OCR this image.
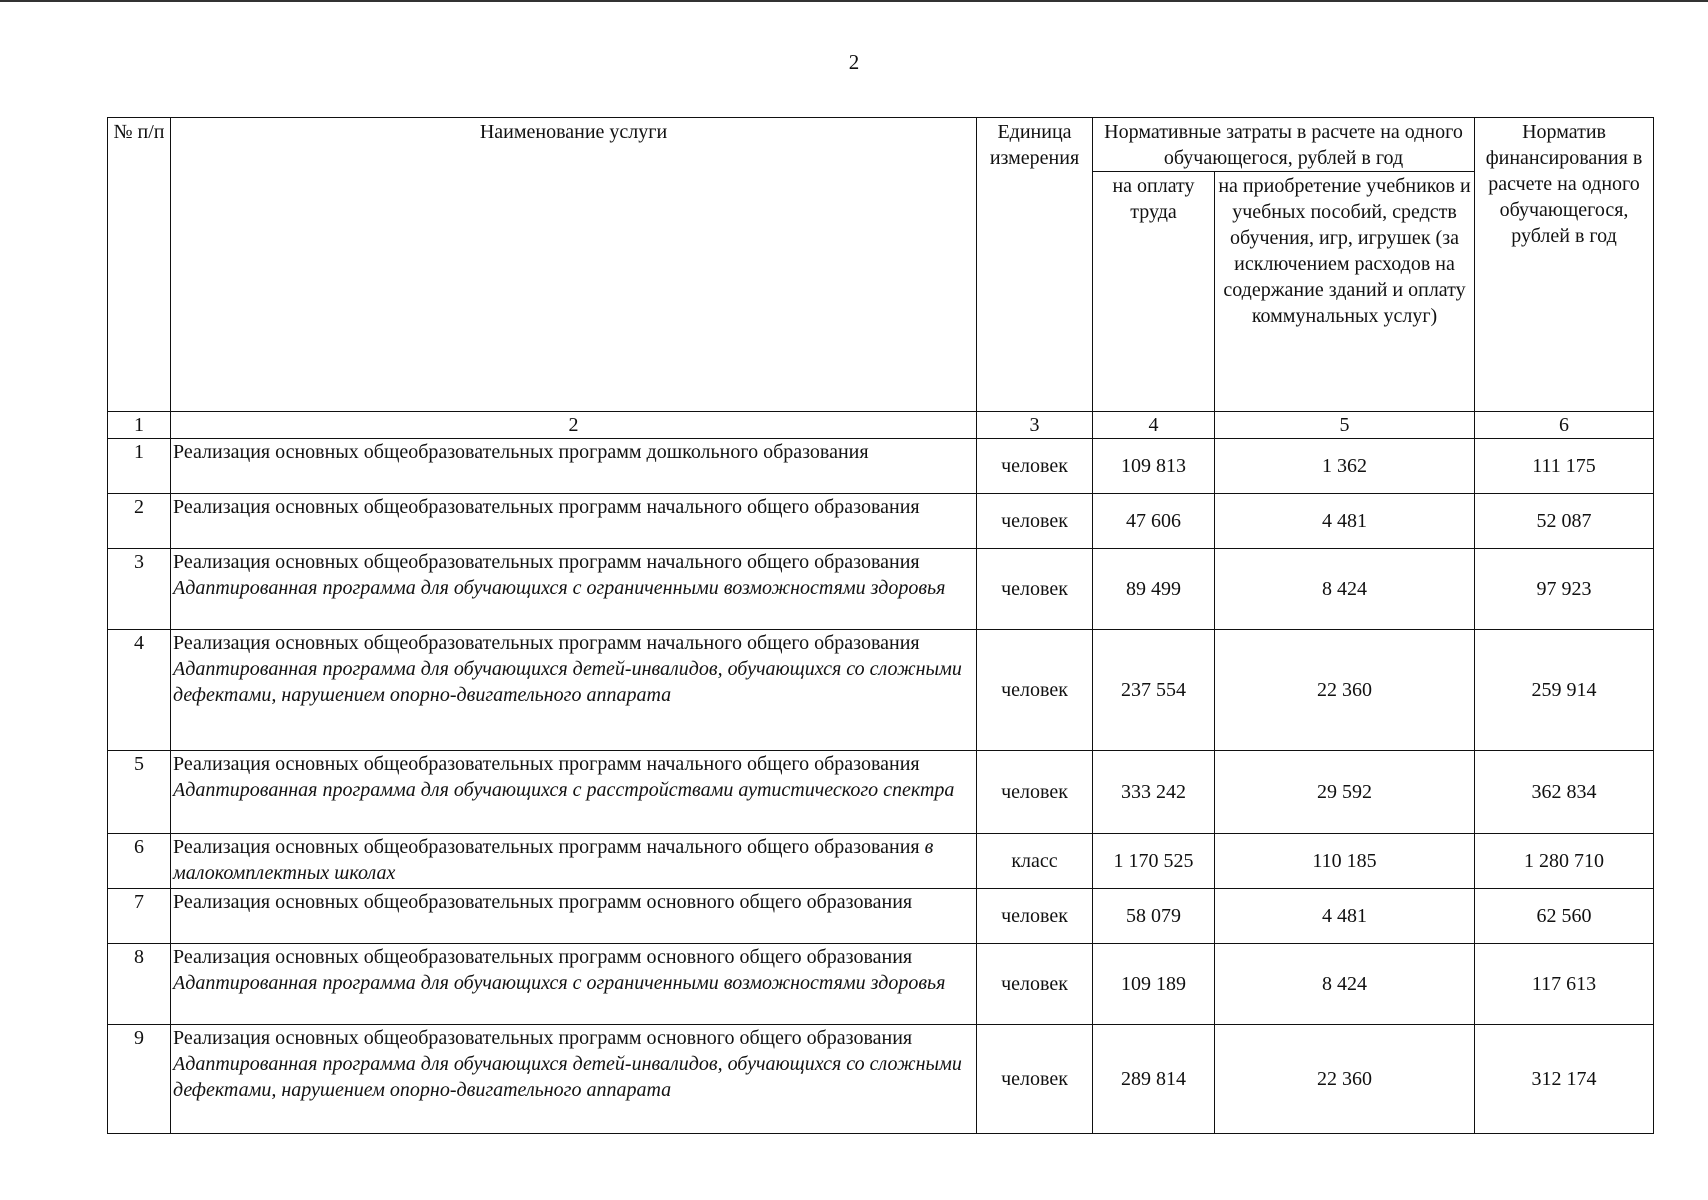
2
№ п/п	Наименование услуги	Единица измерения	Нормативные затраты в расчете на одного обучающегося, рублей в год		Норматив финансирования в расчете на одного обучающегося, рублей в год
			на оплату труда	на приобретение учебников и учебных пособий, средств обучения, игр, игрушек (за исключением расходов на содержание зданий и оплату коммунальных услуг)	
1	2	3	4	5	6
1	Реализация основных общеобразовательных программ дошкольного образования	человек	109 813	1 362	111 175
2	Реализация основных общеобразовательных программ начального общего образования	человек	47 606	4 481	52 087
3	Реализация основных общеобразовательных программ начального общего образования Адаптированная программа для обучающихся с ограниченными возможностями здоровья	человек	89 499	8 424	97 923
4	Реализация основных общеобразовательных программ начального общего образования Адаптированная программа для обучающихся детей-инвалидов, обучающихся со сложными дефектами, нарушением опорно-двигательного аппарата	человек	237 554	22 360	259 914
5	Реализация основных общеобразовательных программ начального общего образования Адаптированная программа для обучающихся с расстройствами аутистического спектра	человек	333 242	29 592	362 834
6	Реализация основных общеобразовательных программ начального общего образования в малокомплектных школах	класс	1 170 525	110 185	1 280 710
7	Реализация основных общеобразовательных программ основного общего образования	человек	58 079	4 481	62 560
8	Реализация основных общеобразовательных программ основного общего образования Адаптированная программа для обучающихся с ограниченными возможностями здоровья	человек	109 189	8 424	117 613
9	Реализация основных общеобразовательных программ основного общего образования Адаптированная программа для обучающихся детей-инвалидов, обучающихся со сложными дефектами, нарушением опорно-двигательного аппарата	человек	289 814	22 360	312 174
